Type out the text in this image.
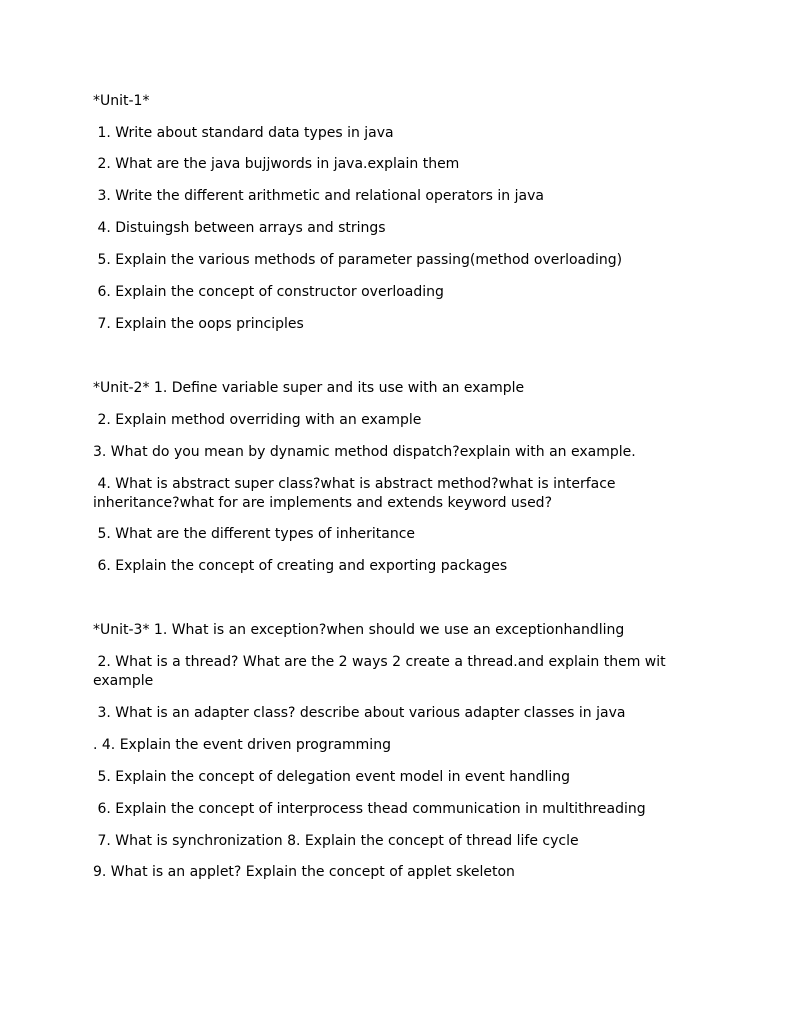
*Unit-1*
1. Write about standard data types in java
2. What are the java bujjwords in java.explain them
3. Write the different arithmetic and relational operators in java
4. Distuingsh between arrays and strings
5. Explain the various methods of parameter passing(method overloading)
6. Explain the concept of constructor overloading
7. Explain the oops principles
*Unit-2* 1. Define variable super and its use with an example
2. Explain method overriding with an example
3. What do you mean by dynamic method dispatch?explain with an example.
4. What is abstract super class?what is abstract method?what is interface inheritance?what for are implements and extends keyword used?
5. What are the different types of inheritance
6. Explain the concept of creating and exporting packages
*Unit-3* 1. What is an exception?when should we use an exceptionhandling
2. What is a thread? What are the 2 ways 2 create a thread.and explain them wit example
3. What is an adapter class? describe about various adapter classes in java
. 4. Explain the event driven programming
5. Explain the concept of delegation event model in event handling
6. Explain the concept of interprocess thead communication in multithreading
7. What is synchronization 8. Explain the concept of thread life cycle
9. What is an applet? Explain the concept of applet skeleton
